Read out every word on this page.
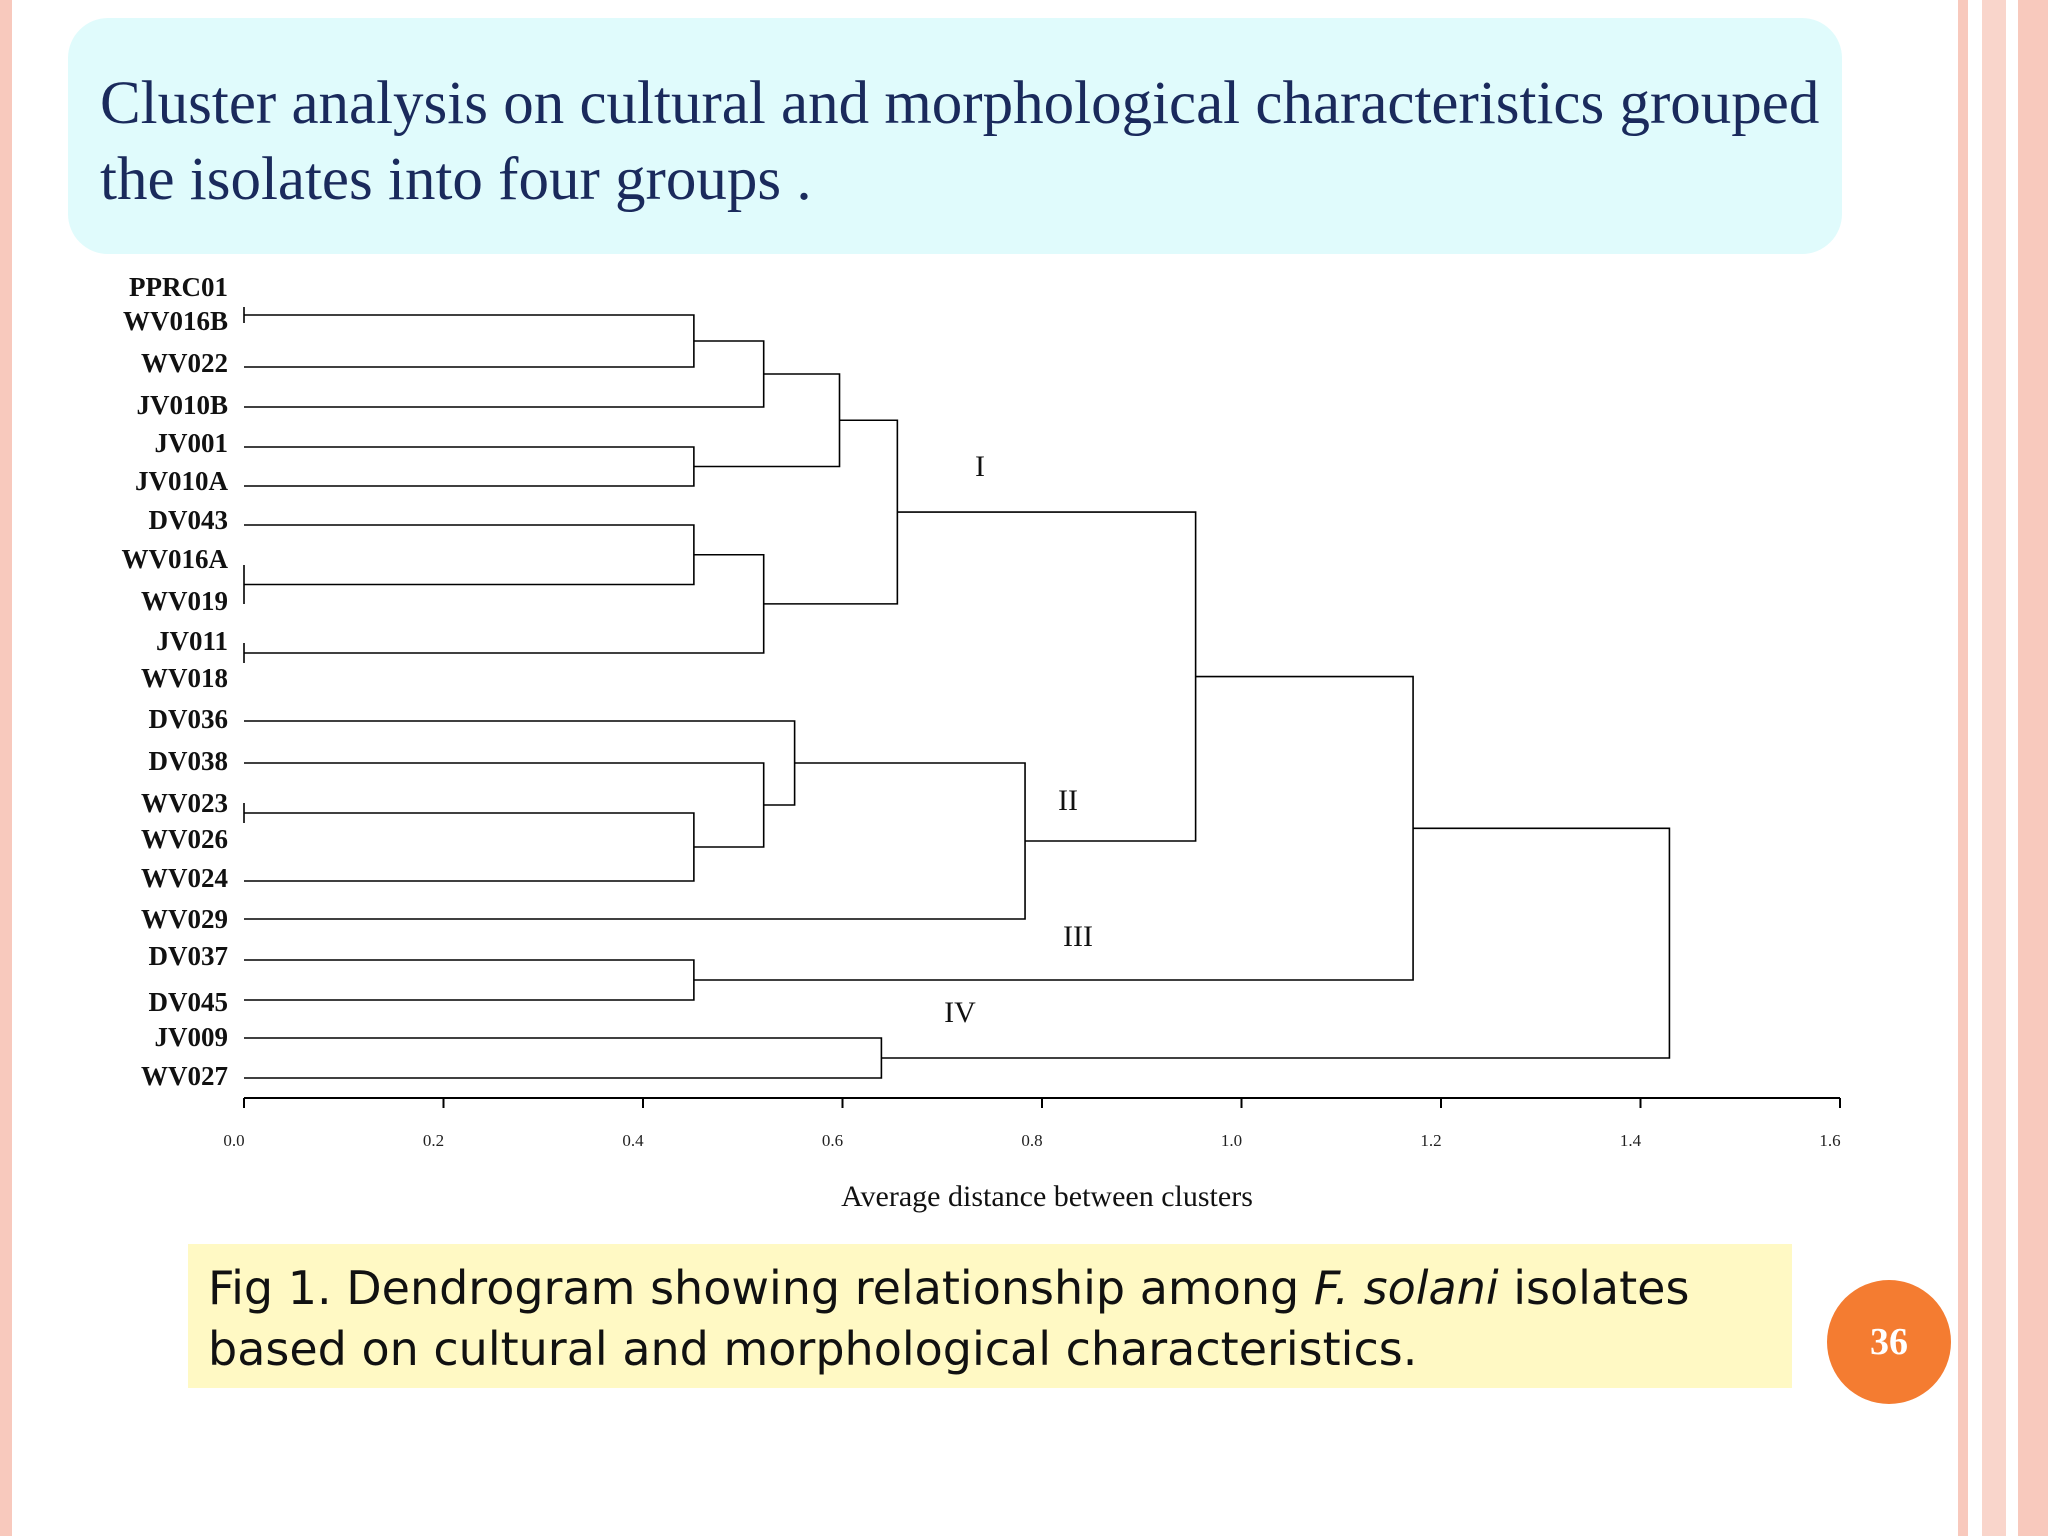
Cluster analysis on cultural and morphological characteristics grouped the isolates into four groups .
PPRC01
WV016B
WV022
JV010B
JV001
JV010A
DV043
WV016A
WV019
JV011
WV018
DV036
DV038
WV023
WV026
WV024
WV029
DV037
DV045
JV009
WV027
0.0	0.2	0.4	0.6	0.8	1.0	1.2	1.4	1.6
I
II
III
IV
Average distance between clusters
Fig 1. Dendrogram showing relationship among F. solani isolates based on cultural and morphological characteristics.	36
